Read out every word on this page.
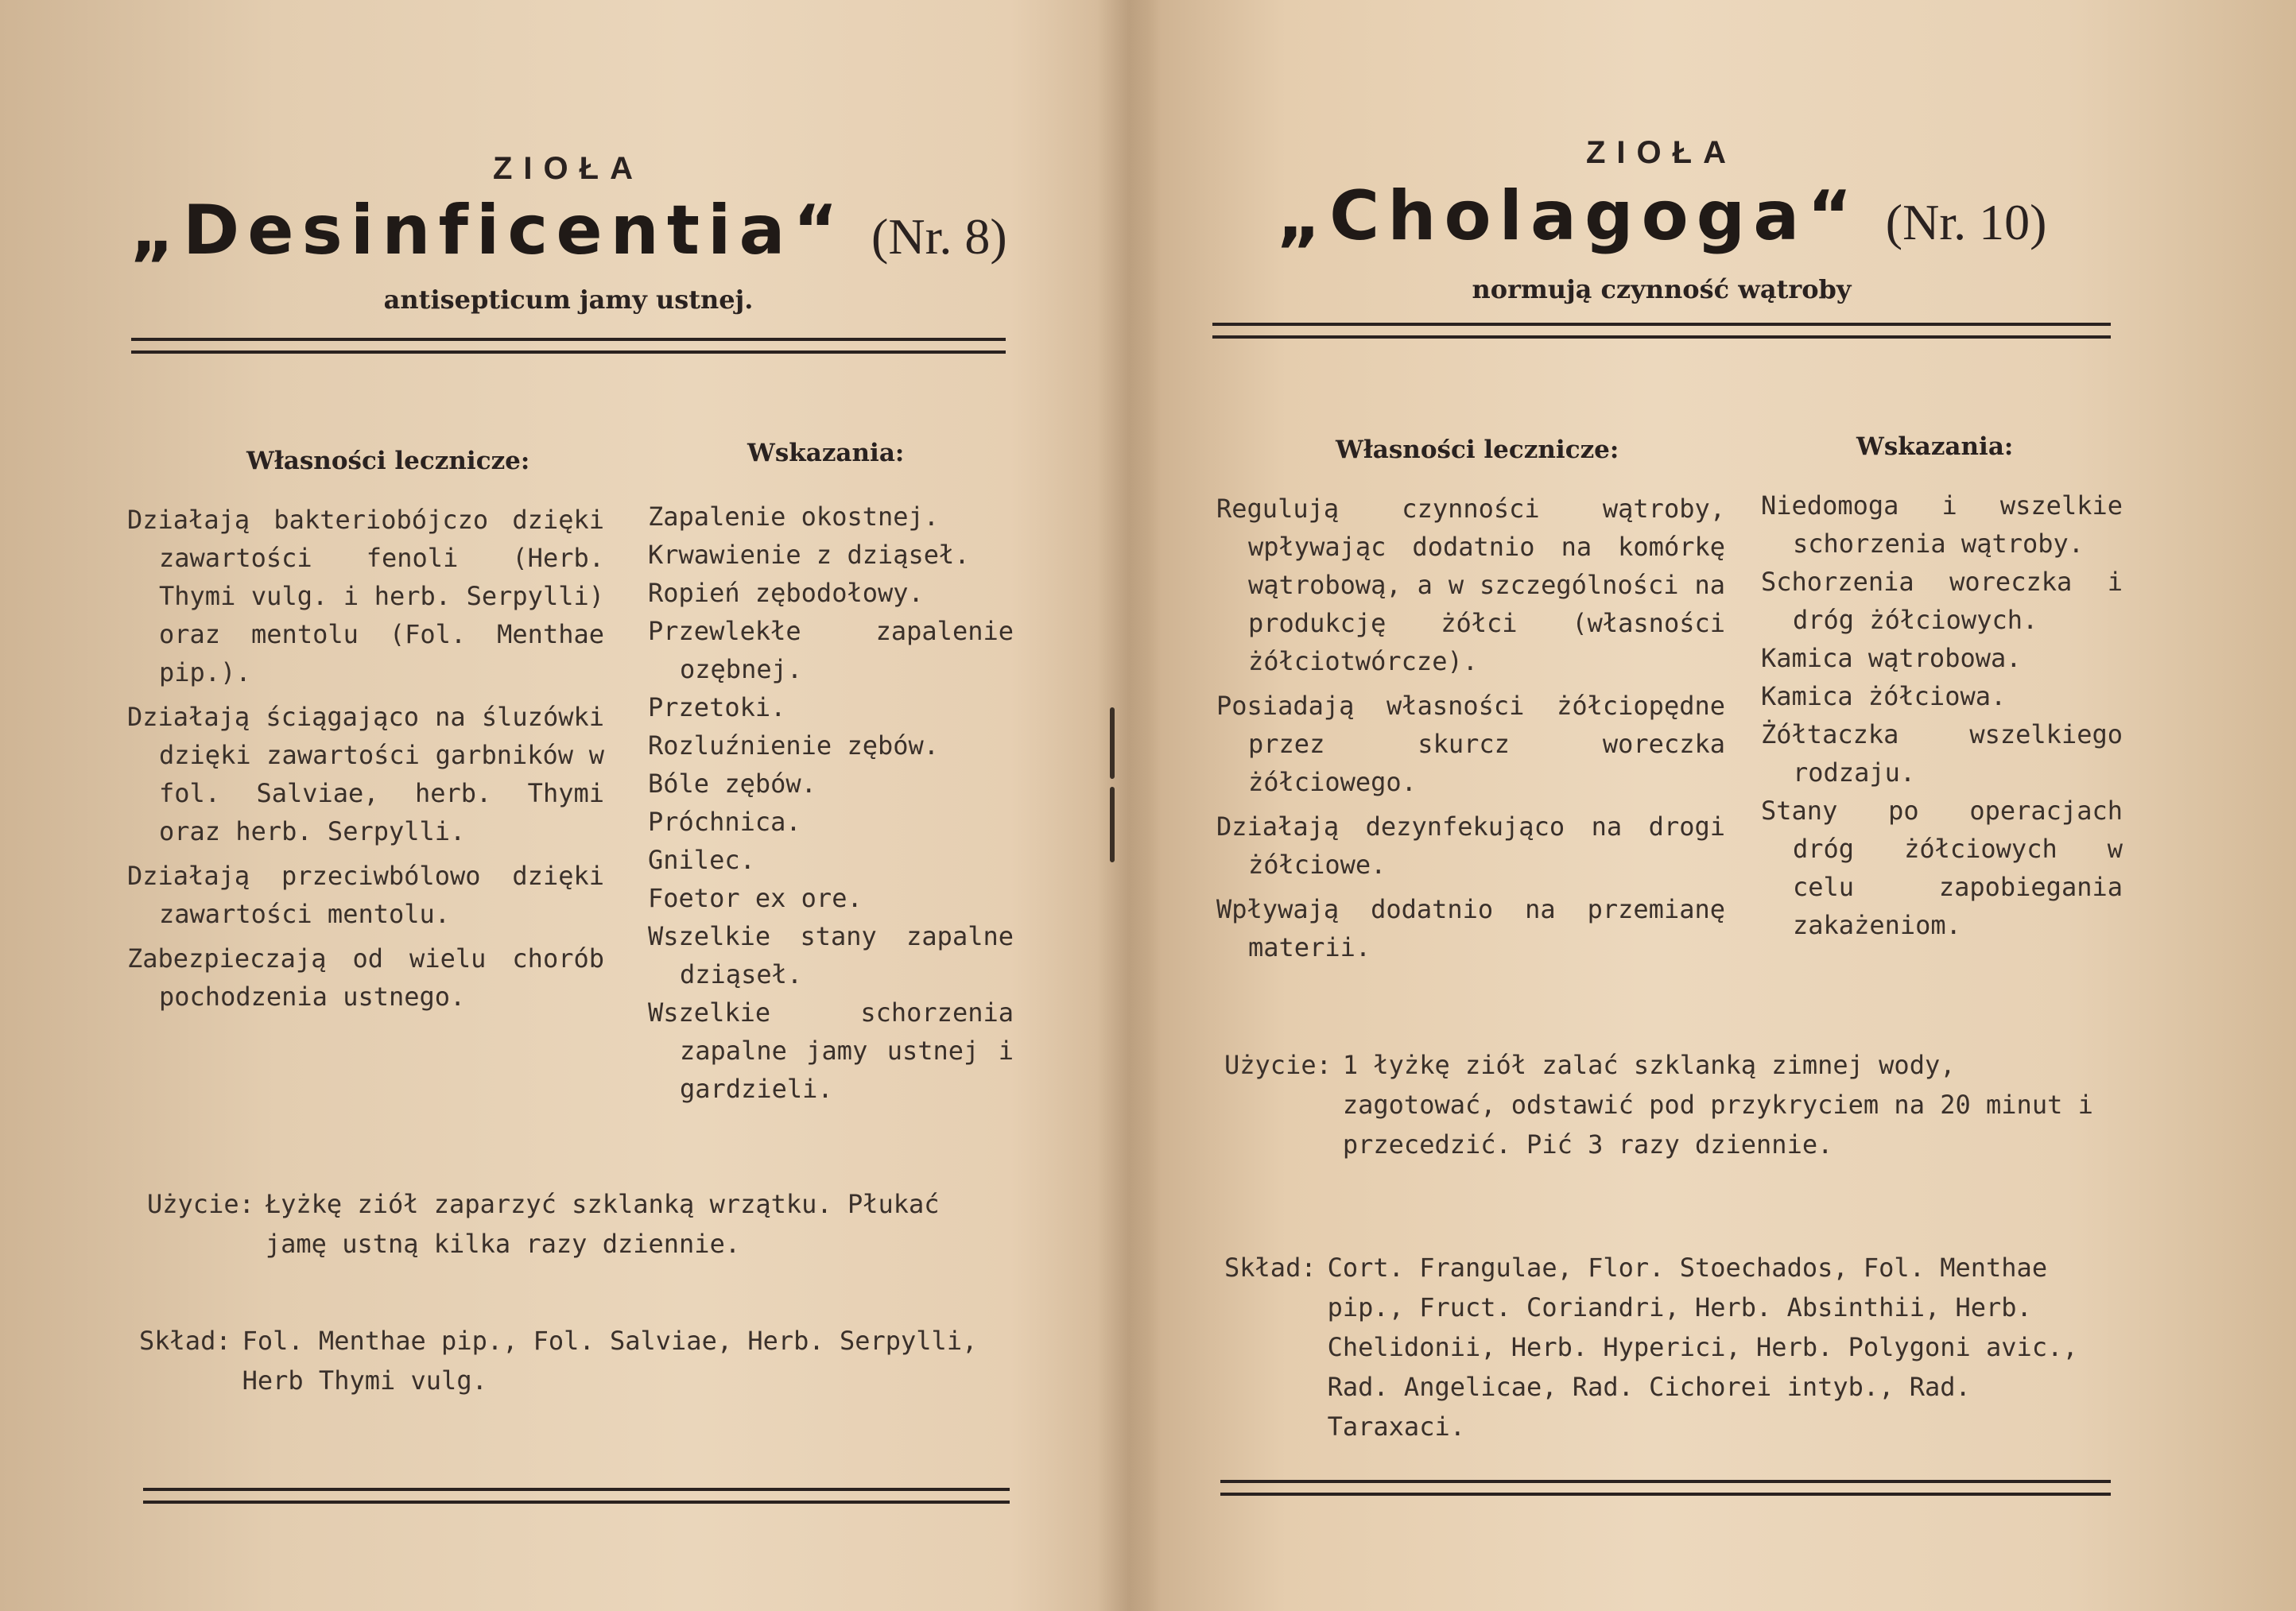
ZIOŁA
„Desinficentia“ (Nr. 8)
antisepticum jamy ustnej.
Własności lecznicze:	Wskazania:
Działają bakteriobójczo dzięki zawartości fenoli (Herb. Thymi vulg. i herb. Serpylli) oraz mentolu (Fol. Menthae pip.).
Działają ściągająco na śluzówki dzięki zawartości garbników w fol. Salviae, herb. Thymi oraz herb. Serpylli.
Działają przeciwbólowo dzięki zawartości mentolu.
Zabezpieczają od wielu chorób pochodzenia ustnego.
Zapalenie okostnej.
Krwawienie z dziąseł.
Ropień zębodołowy.
Przewlekłe zapalenie ozębnej.
Przetoki.
Rozluźnienie zębów.
Bóle zębów.
Próchnica.
Gnilec.
Foetor ex ore.
Wszelkie stany zapalne dziąseł.
Wszelkie schorzenia zapalne jamy ustnej i gardzieli.
Użycie: Łyżkę ziół zaparzyć szklanką wrzątku. Płukać jamę ustną kilka razy dziennie.
Skład: Fol. Menthae pip., Fol. Salviae, Herb. Serpylli, Herb Thymi vulg.
ZIOŁA
„Cholagoga“ (Nr. 10)
normują czynność wątroby
Własności lecznicze:	Wskazania:
Regulują czynności wątroby, wpływając dodatnio na komórkę wątrobową, a w szczególności na produkcję żółci (własności żółciotwórcze).
Posiadają własności żółciopędne przez skurcz woreczka żółciowego.
Działają dezynfekująco na drogi żółciowe.
Wpływają dodatnio na przemianę materii.
Niedomoga i wszelkie schorzenia wątroby.
Schorzenia woreczka i dróg żółciowych.
Kamica wątrobowa.
Kamica żółciowa.
Żółtaczka wszelkiego rodzaju.
Stany po operacjach dróg żółciowych w celu zapobiegania zakażeniom.
Użycie: 1 łyżkę ziół zalać szklanką zimnej wody, zagotować, odstawić pod przykryciem na 20 minut i przecedzić. Pić 3 razy dziennie.
Skład: Cort. Frangulae, Flor. Stoechados, Fol. Menthae pip., Fruct. Coriandri, Herb. Absinthii, Herb. Chelidonii, Herb. Hyperici, Herb. Polygoni avic., Rad. Angelicae, Rad. Cichorei intyb., Rad. Taraxaci.
